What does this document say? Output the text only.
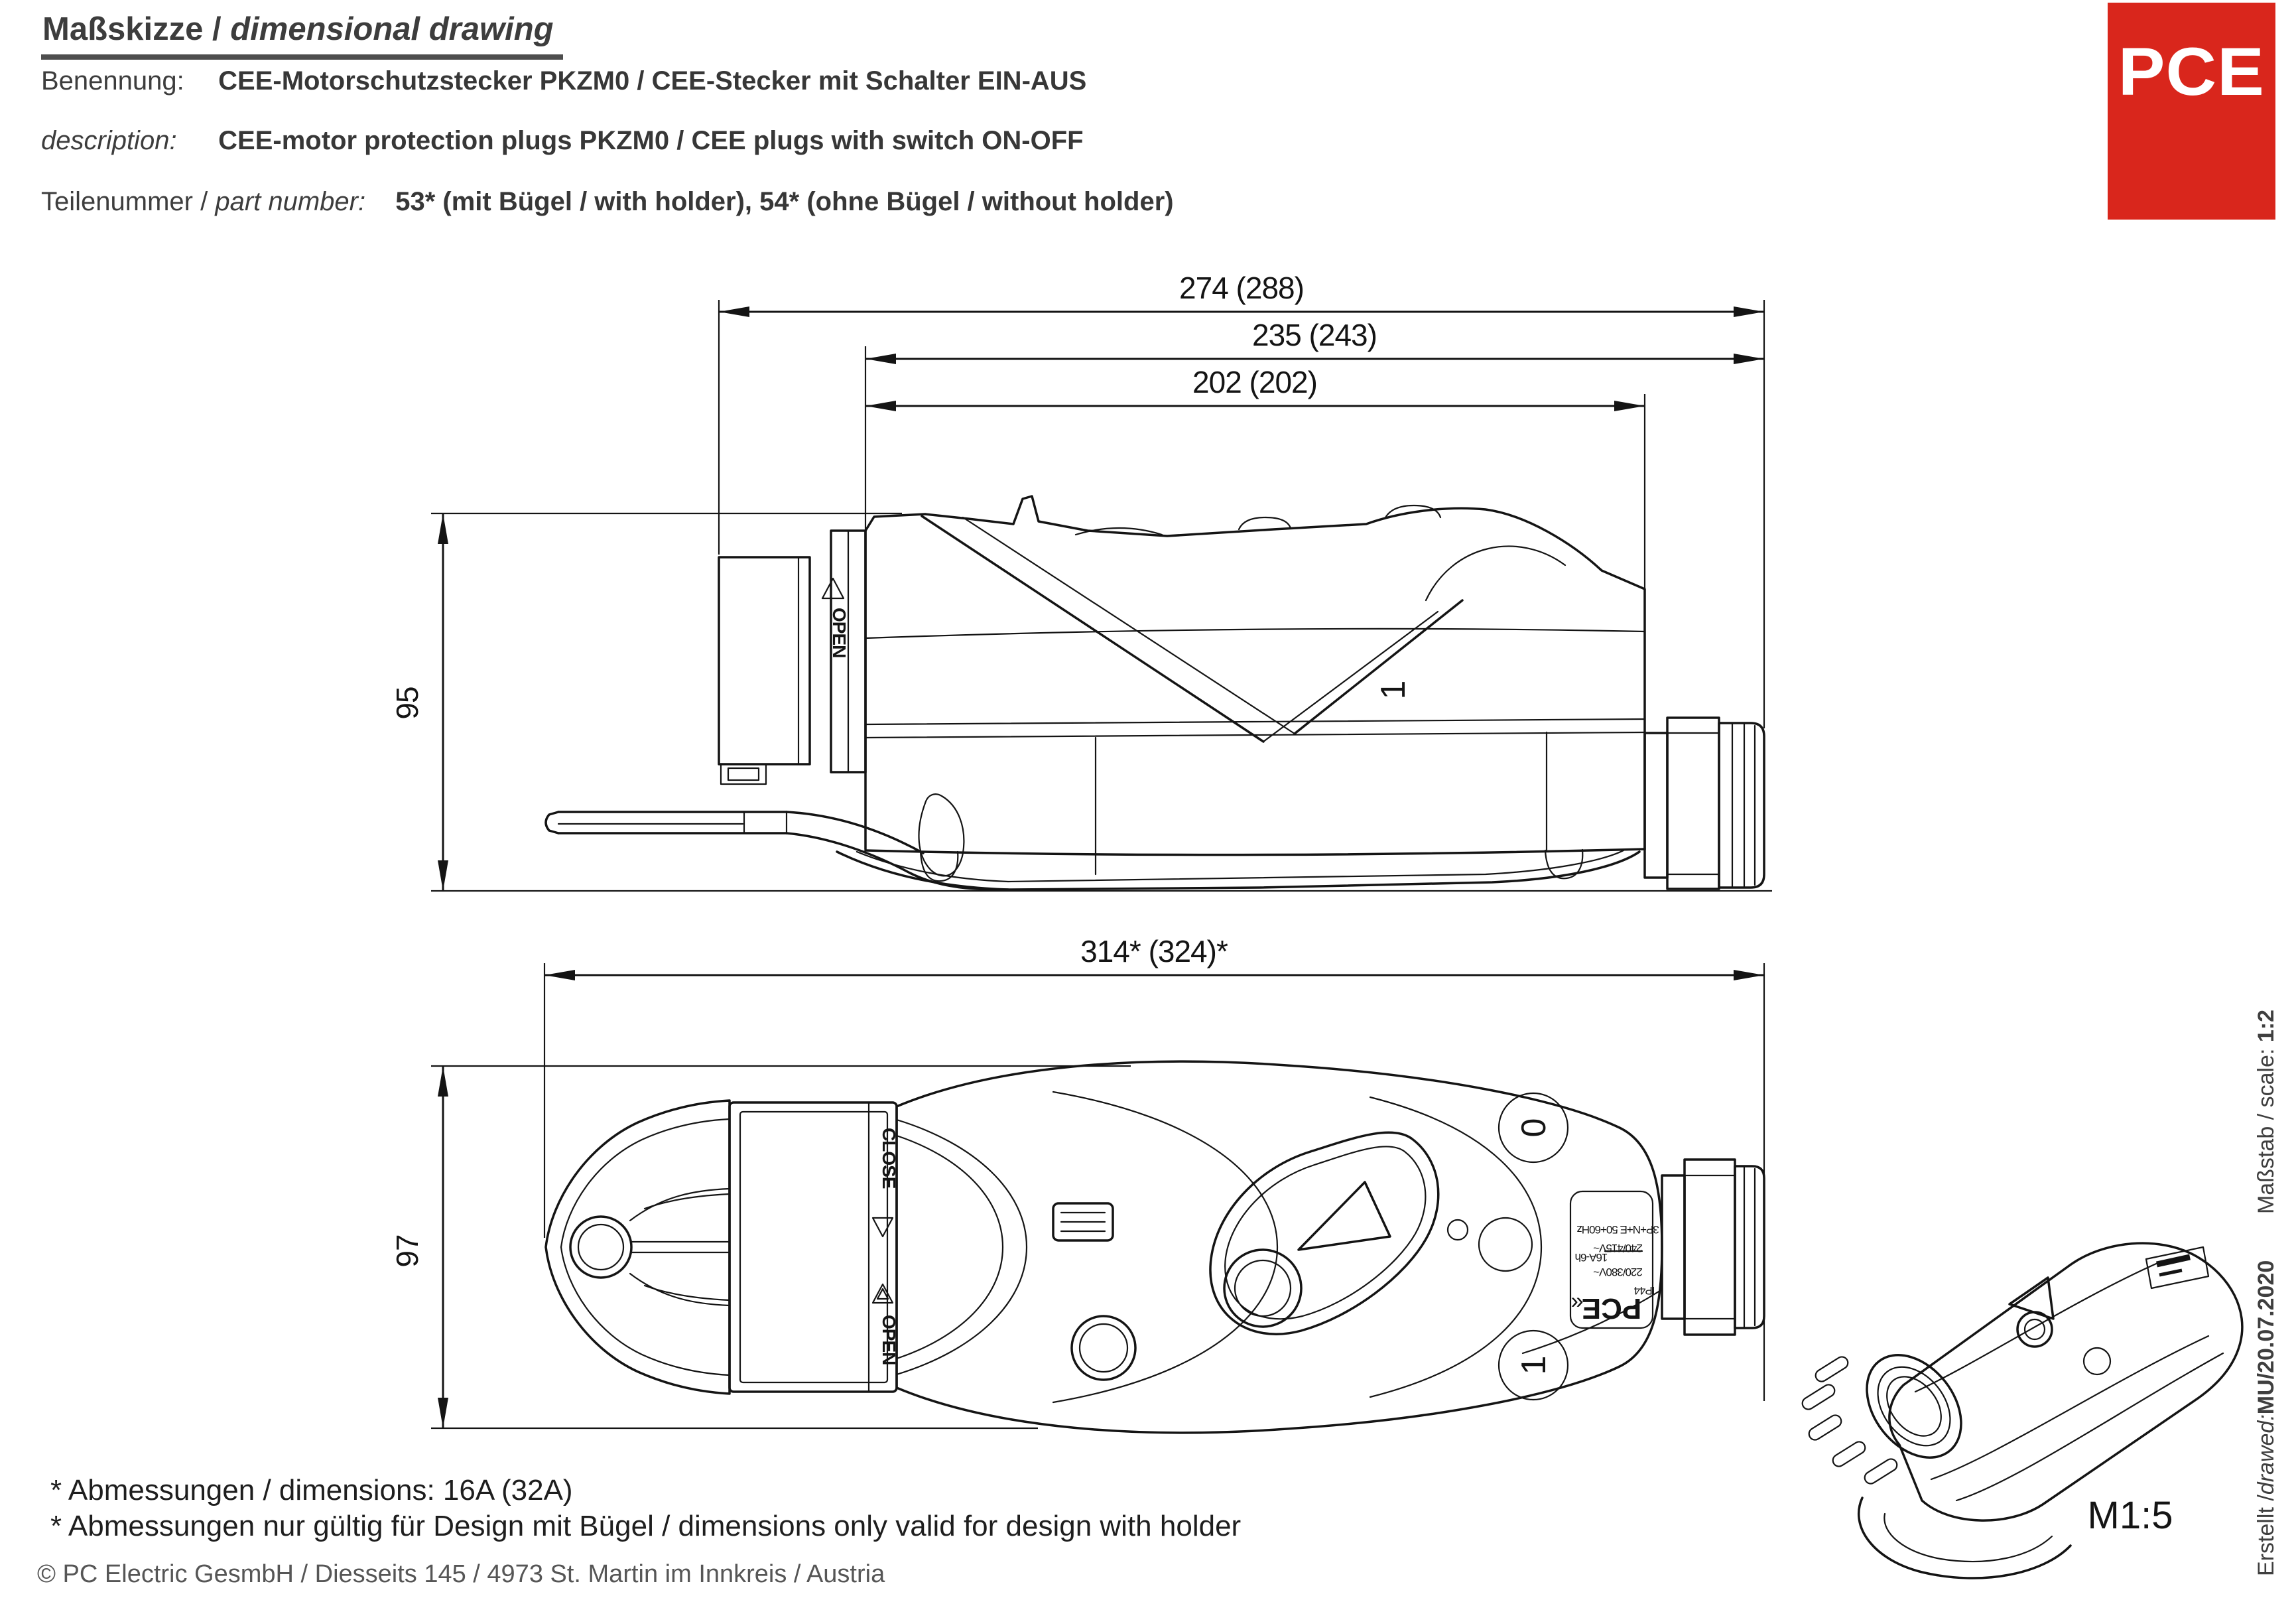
Maßskizze / dimensional drawing
Benennung: CEE-Motorschutzstecker PKZM0 / CEE-Stecker mit Schalter EIN-AUS
description: CEE-motor protection plugs PKZM0 / CEE plugs with switch ON-OFF
Teilenummer / part number: 53* (mit Bügel / with holder), 54* (ohne Bügel / without holder)
PCE
274 (288)
235 (243)
202 (202)
95
OPEN
1
314* (324)*
97
CLOSE
OPEN
0
1
3P+N+E 50+60Hz
240/415V~
16A-6h
220/380V~
PCE
IP44
«
M1:5
* Abmessungen / dimensions: 16A (32A)
* Abmessungen nur gültig für Design mit Bügel / dimensions only valid for design with holder
© PC Electric GesmbH / Diesseits 145 / 4973 St. Martin im Innkreis / Austria	Erstellt /
drawed:
MU/20.07.2020
Maßstab / scale: 1:2
